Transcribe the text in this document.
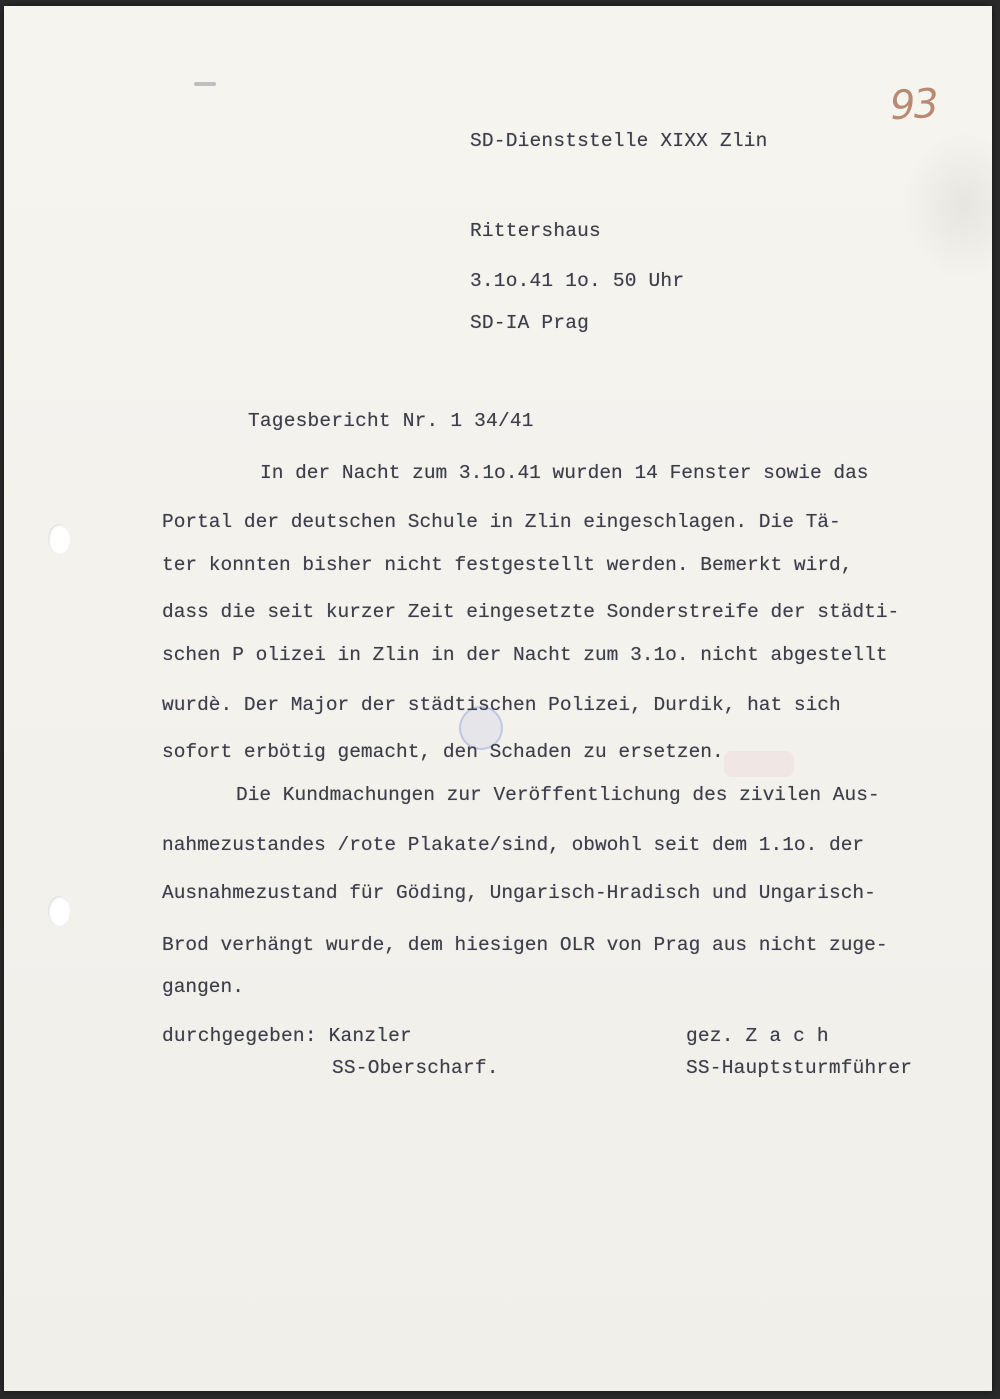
93
SD-Dienststelle XIXX Zlin
Rittershaus
3.1o.41 1o. 50 Uhr
SD-IA Prag
Tagesbericht Nr. 1 34/41
In der Nacht zum 3.1o.41 wurden 14 Fenster sowie das
Portal der deutschen Schule in Zlin eingeschlagen. Die Tä-
ter konnten bisher nicht festgestellt werden. Bemerkt wird,
dass die seit kurzer Zeit eingesetzte Sonderstreife der städti-
schen P olizei in Zlin in der Nacht zum 3.1o. nicht abgestellt
wurdè. Der Major der städtischen Polizei, Durdik, hat sich
sofort erbötig gemacht, den Schaden zu ersetzen.
Die Kundmachungen zur Veröffentlichung des zivilen Aus-
nahmezustandes /rote Plakate/sind, obwohl seit dem 1.1o. der
Ausnahmezustand für Göding, Ungarisch-Hradisch und Ungarisch-
Brod verhängt wurde, dem hiesigen OLR von Prag aus nicht zuge-
gangen.
durchgegeben: Kanzler
SS-Oberscharf.
gez. Z a c h
SS-Hauptsturmführer
